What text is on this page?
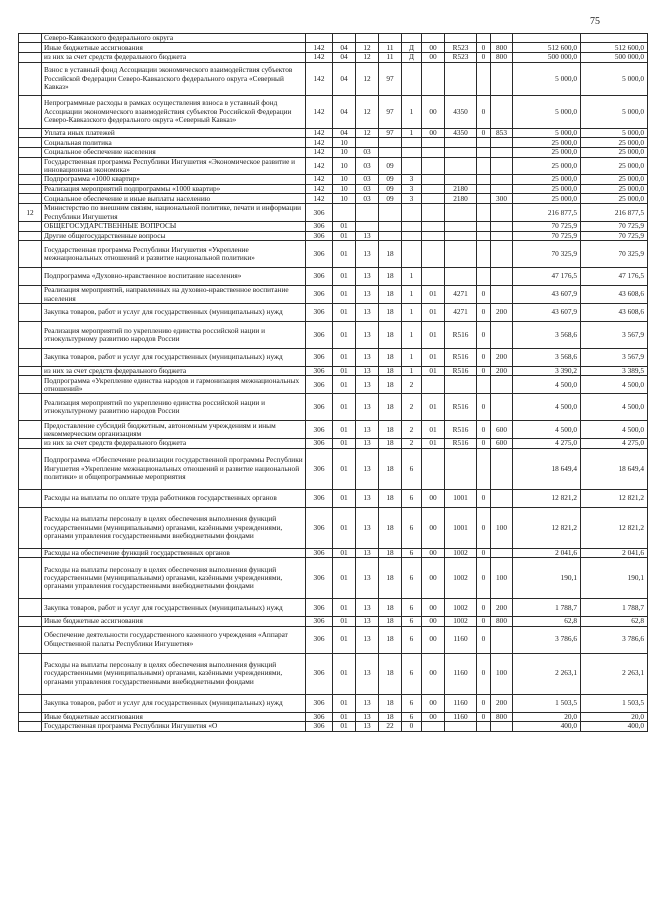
75
	Северо-Кавказского федерального округа											
	Иные бюджетные ассигнования	142	04	12	11	Д	00	R523	0	800	512 600,0	512 600,0
	из них за счет средств федерального бюджета	142	04	12	11	Д	00	R523	0	800	500 000,0	500 000,0
	Взнос в уставный фонд Ассоциации экономического взаимодействия субъектов Российской Федерации Северо-Кавказского федерального округа «Северный Кавказ»	142	04	12	97						5 000,0	5 000,0
	Непрограммные расходы в рамках осуществления взноса в уставный фонд Ассоциации экономического взаимодействия субъектов Российской Федерации Северо-Кавказского федерального округа «Северный Кавказ»	142	04	12	97	1	00	4350	0		5 000,0	5 000,0
	Уплата иных платежей	142	04	12	97	1	00	4350	0	853	5 000,0	5 000,0
	Социальная политика	142	10								25 000,0	25 000,0
	Социальное обеспечение населения	142	10	03							25 000,0	25 000,0
	Государственная программа Республики Ингушетия «Экономическое развитие и инновационная экономика»	142	10	03	09						25 000,0	25 000,0
	Подпрограмма «1000 квартир»	142	10	03	09	3					25 000,0	25 000,0
	Реализация мероприятий подпрограммы «1000 квартир»	142	10	03	09	3		2180			25 000,0	25 000,0
	Социальное обеспечение и иные выплаты населению	142	10	03	09	3		2180		300	25 000,0	25 000,0
12	Министерство по внешним связям, национальной политике, печати и информации Республики Ингушетия	306									216 877,5	216 877,5
	ОБЩЕГОСУДАРСТВЕННЫЕ ВОПРОСЫ	306	01								70 725,9	70 725,9
	Другие общегосударственные вопросы	306	01	13							70 725,9	70 725,9
	Государственная программа Республики Ингушетия «Укрепление межнациональных отношений и развитие национальной политики»	306	01	13	18						70 325,9	70 325,9
	Подпрограмма «Духовно-нравственное воспитание населения»	306	01	13	18	1					47 176,5	47 176,5
	Реализация мероприятий, направленных на духовно-нравственное воспитание населения	306	01	13	18	1	01	4271	0		43 607,9	43 608,6
	Закупка товаров, работ и услуг для государственных (муниципальных) нужд	306	01	13	18	1	01	4271	0	200	43 607,9	43 608,6
	Реализация мероприятий по укреплению единства российской нации и этнокультурному развитию народов России	306	01	13	18	1	01	R516	0		3 568,6	3 567,9
	Закупка товаров, работ и услуг для государственных (муниципальных) нужд	306	01	13	18	1	01	R516	0	200	3 568,6	3 567,9
	из них за счет средств федерального бюджета	306	01	13	18	1	01	R516	0	200	3 390,2	3 389,5
	Подпрограмма «Укрепление единства народов и гармонизация межнациональных отношений»	306	01	13	18	2					4 500,0	4 500,0
	Реализация мероприятий по укреплению единства российской нации и этнокультурному развитию народов России	306	01	13	18	2	01	R516	0		4 500,0	4 500,0
	Предоставление субсидий бюджетным, автономным учреждениям и иным некоммерческим организациям	306	01	13	18	2	01	R516	0	600	4 500,0	4 500,0
	из них за счет средств федерального бюджета	306	01	13	18	2	01	R516	0	600	4 275,0	4 275,0
	Подпрограмма «Обеспечение реализации государственной программы Республики Ингушетия «Укрепление межнациональных отношений и развитие национальной политики» и общепрограммные мероприятия	306	01	13	18	6					18 649,4	18 649,4
	Расходы на выплаты по оплате труда работников государственных органов	306	01	13	18	6	00	1001	0		12 821,2	12 821,2
	Расходы на выплаты персоналу в целях обеспечения выполнения функций государственными (муниципальными) органами, казёнными учреждениями, органами управления государственными внебюджетными фондами	306	01	13	18	6	00	1001	0	100	12 821,2	12 821,2
	Расходы на обеспечение функций государственных органов	306	01	13	18	6	00	1002	0		2 041,6	2 041,6
	Расходы на выплаты персоналу в целях обеспечения выполнения функций государственными (муниципальными) органами, казёнными учреждениями, органами управления государственными внебюджетными фондами	306	01	13	18	6	00	1002	0	100	190,1	190,1
	Закупка товаров, работ и услуг для государственных (муниципальных) нужд	306	01	13	18	6	00	1002	0	200	1 788,7	1 788,7
	Иные бюджетные ассигнования	306	01	13	18	6	00	1002	0	800	62,8	62,8
	Обеспечение деятельности государственного казенного учреждения «Аппарат Общественной палаты Республики Ингушетия»	306	01	13	18	6	00	1160	0		3 786,6	3 786,6
	Расходы на выплаты персоналу в целях обеспечения выполнения функций государственными (муниципальными) органами, казёнными учреждениями, органами управления государственными внебюджетными фондами	306	01	13	18	6	00	1160	0	100	2 263,1	2 263,1
	Закупка товаров, работ и услуг для государственных (муниципальных) нужд	306	01	13	18	6	00	1160	0	200	1 503,5	1 503,5
	Иные бюджетные ассигнования	306	01	13	18	6	00	1160	0	800	20,0	20,0
	Государственная программа Республики Ингушетия «О	306	01	13	22	0					400,0	400,0
